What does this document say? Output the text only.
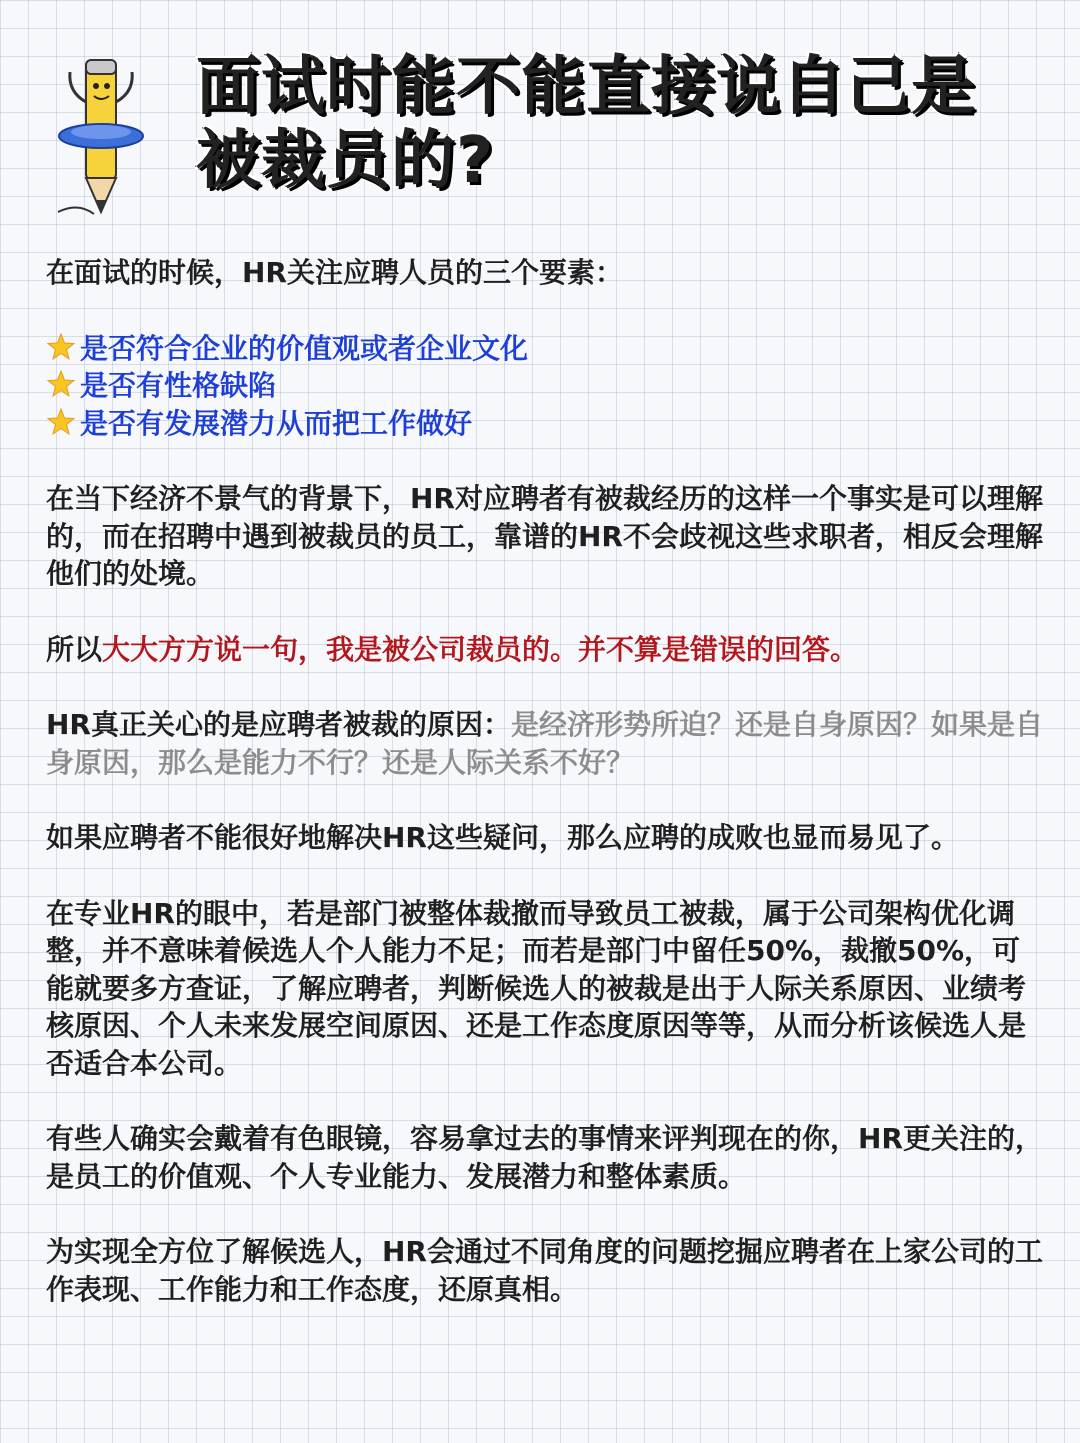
面试时能不能直接说自己是
被裁员的?

在面试的时候，HR关注应聘人员的三个要素：

是否符合企业的价值观或者企业文化
是否有性格缺陷
是否有发展潜力从而把工作做好

在当下经济不景气的背景下，HR对应聘者有被裁经历的这样一个事实是可以理解的，而在招聘中遇到被裁员的员工，靠谱的HR不会歧视这些求职者，相反会理解他们的处境。

所以大大方方说一句，我是被公司裁员的。并不算是错误的回答。

HR真正关心的是应聘者被裁的原因：是经济形势所迫？还是自身原因？如果是自身原因，那么是能力不行？还是人际关系不好？

如果应聘者不能很好地解决HR这些疑问，那么应聘的成败也显而易见了。

在专业HR的眼中，若是部门被整体裁撤而导致员工被裁，属于公司架构优化调整，并不意味着候选人个人能力不足；而若是部门中留任50%，裁撤50%，可能就要多方查证，了解应聘者，判断候选人的被裁是出于人际关系原因、业绩考核原因、个人未来发展空间原因、还是工作态度原因等等，从而分析该候选人是否适合本公司。

有些人确实会戴着有色眼镜，容易拿过去的事情来评判现在的你，HR更关注的，是员工的价值观、个人专业能力、发展潜力和整体素质。

为实现全方位了解候选人，HR会通过不同角度的问题挖掘应聘者在上家公司的工作表现、工作能力和工作态度，还原真相。
